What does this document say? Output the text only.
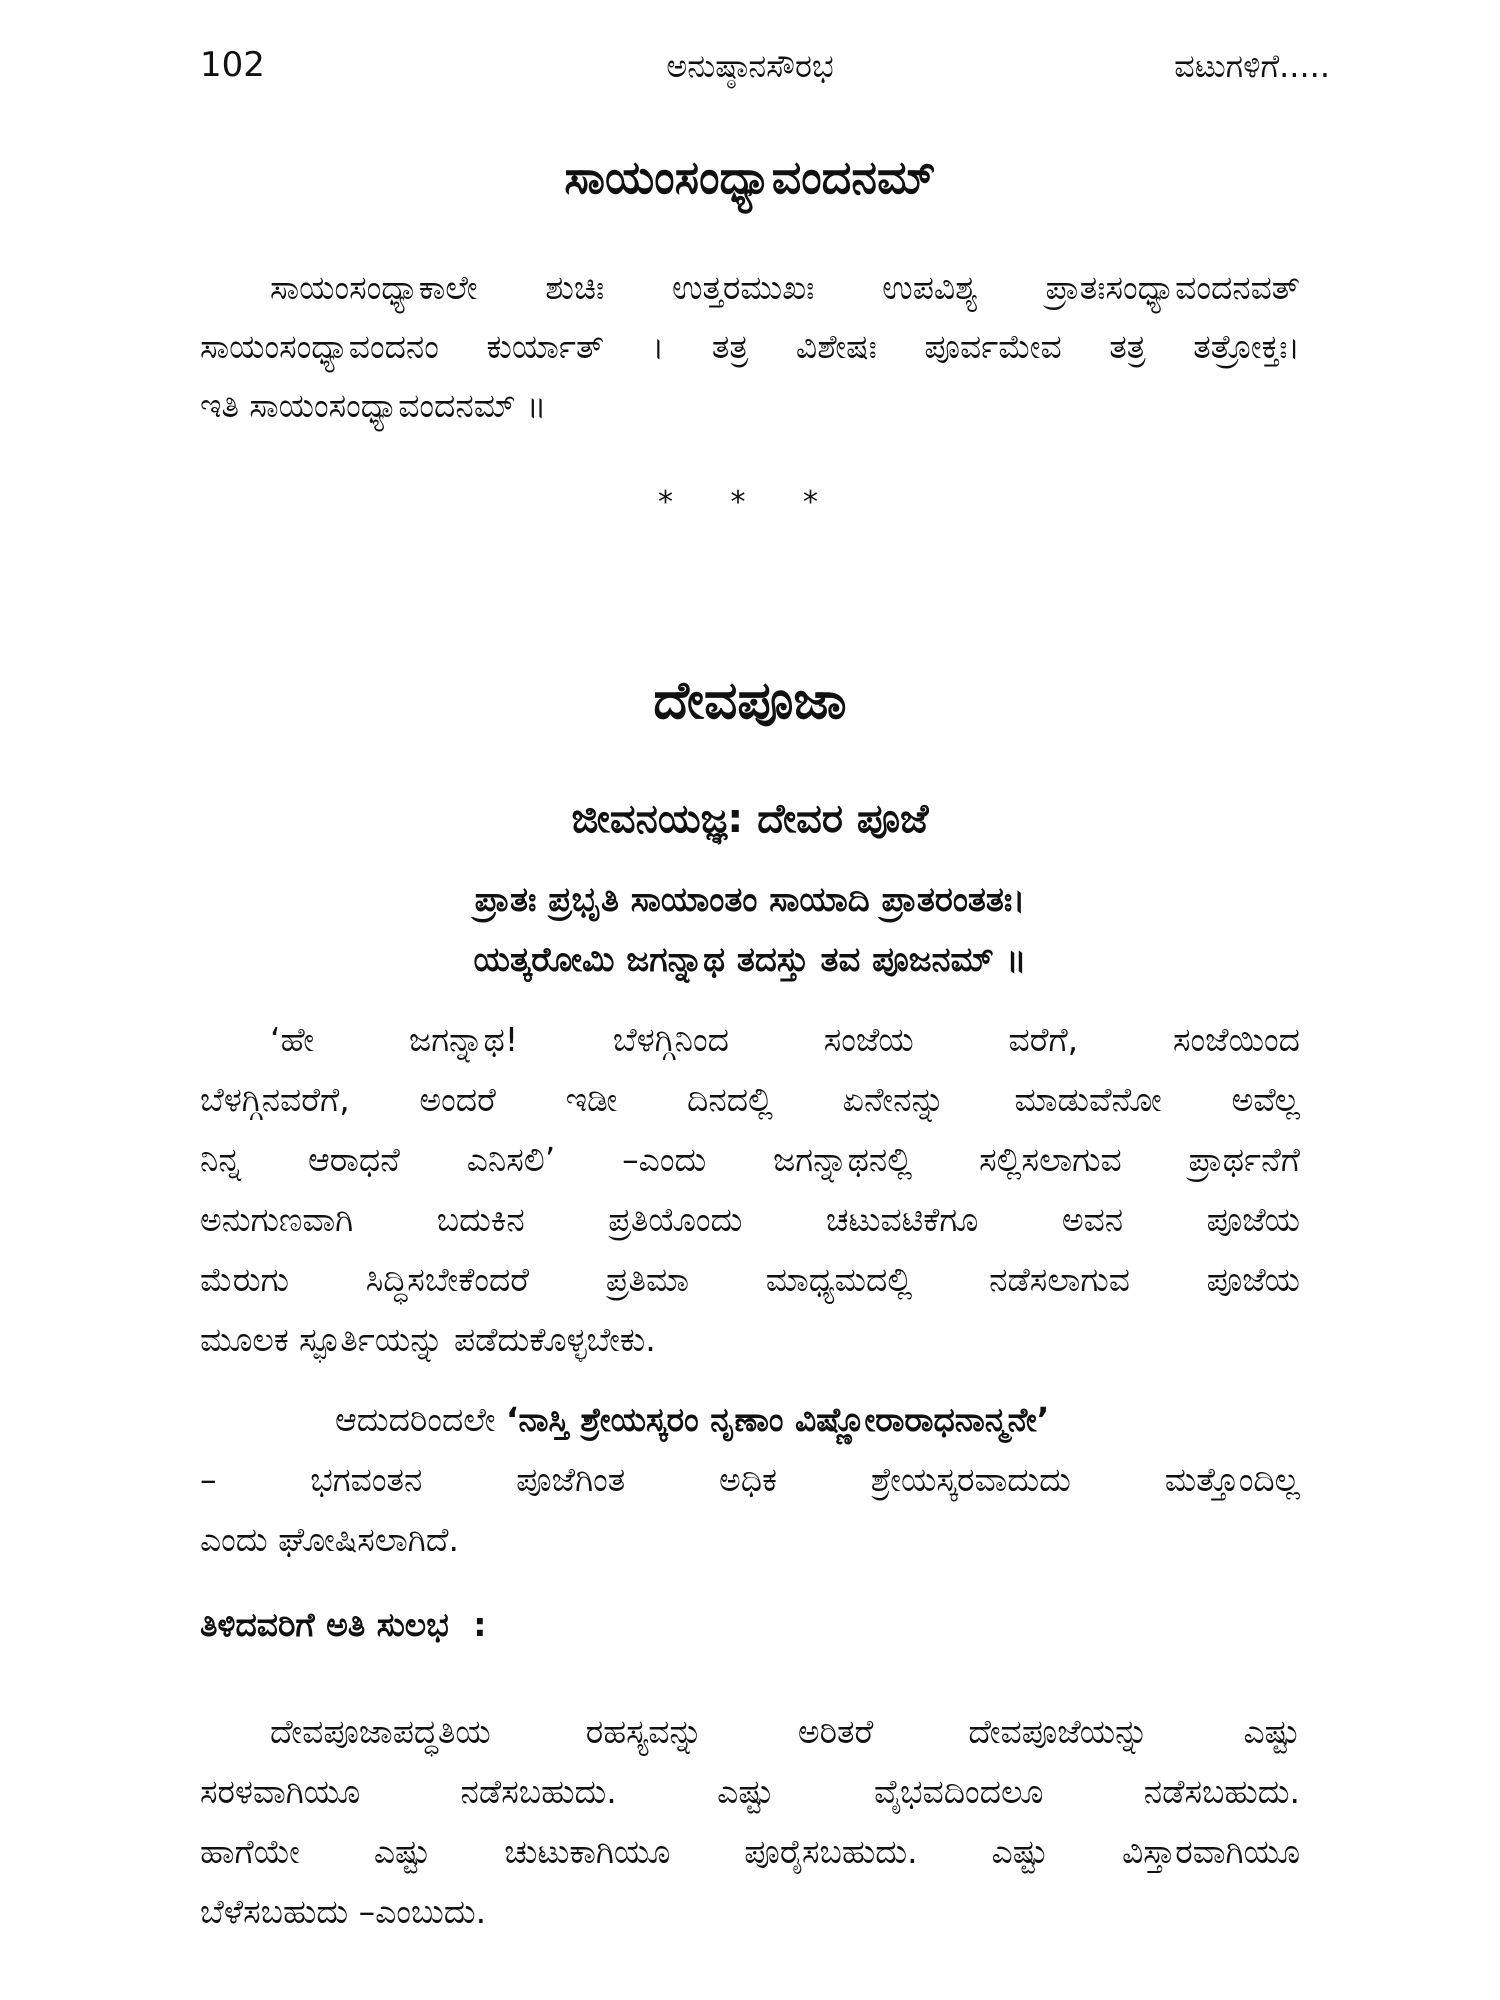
102	ಅನುಷ್ಠಾನಸೌರಭ	ವಟುಗಳಿಗೆ.....
ಸಾಯಂಸಂಧ್ಯಾವಂದನಮ್
ಸಾಯಂಸಂಧ್ಯಾಕಾಲೇ ಶುಚಿಃ ಉತ್ತರಮುಖಃ ಉಪವಿಶ್ಯ ಪ್ರಾತಃಸಂಧ್ಯಾವಂದನವತ್
ಸಾಯಂಸಂಧ್ಯಾವಂದನಂ ಕುರ್ಯಾತ್ । ತತ್ರ ವಿಶೇಷಃ ಪೂರ್ವಮೇವ ತತ್ರ ತತ್ರೋಕ್ತಃ।
ಇತಿ ಸಾಯಂಸಂಧ್ಯಾವಂದನಮ್ ॥
* * *
ದೇವಪೂಜಾ
ಜೀವನಯಜ್ಞ: ದೇವರ ಪೂಜೆ
ಪ್ರಾತಃ ಪ್ರಭೃತಿ ಸಾಯಾಂತಂ ಸಾಯಾದಿ ಪ್ರಾತರಂತತಃ।
ಯತ್ಕರೋಮಿ ಜಗನ್ನಾಥ ತದಸ್ತು ತವ ಪೂಜನಮ್ ॥
‘ಹೇ ಜಗನ್ನಾಥ! ಬೆಳಗ್ಗಿನಿಂದ ಸಂಜೆಯ ವರೆಗೆ, ಸಂಜೆಯಿಂದ
ಬೆಳಗ್ಗಿನವರೆಗೆ, ಅಂದರೆ ಇಡೀ ದಿನದಲ್ಲಿ ಏನೇನನ್ನು ಮಾಡುವೆನೋ ಅವೆಲ್ಲ
ನಿನ್ನ ಆರಾಧನೆ ಎನಿಸಲಿ’ –ಎಂದು ಜಗನ್ನಾಥನಲ್ಲಿ ಸಲ್ಲಿಸಲಾಗುವ ಪ್ರಾರ್ಥನೆಗೆ
ಅನುಗುಣವಾಗಿ ಬದುಕಿನ ಪ್ರತಿಯೊಂದು ಚಟುವಟಿಕೆಗೂ ಅವನ ಪೂಜೆಯ
ಮೆರುಗು ಸಿದ್ಧಿಸಬೇಕೆಂದರೆ ಪ್ರತಿಮಾ ಮಾಧ್ಯಮದಲ್ಲಿ ನಡೆಸಲಾಗುವ ಪೂಜೆಯ
ಮೂಲಕ ಸ್ಫೂರ್ತಿಯನ್ನು ಪಡೆದುಕೊಳ್ಳಬೇಕು.
ಆದುದರಿಂದಲೇ ‘ನಾಸ್ತಿ ಶ್ರೇಯಸ್ಕರಂ ನೃಣಾಂ ವಿಷ್ಣೋರಾರಾಧನಾನ್ಮನೇ’
– ಭಗವಂತನ ಪೂಜೆಗಿಂತ ಅಧಿಕ ಶ್ರೇಯಸ್ಕರವಾದುದು ಮತ್ತೊಂದಿಲ್ಲ
ಎಂದು ಘೋಷಿಸಲಾಗಿದೆ.
ತಿಳಿದವರಿಗೆ ಅತಿ ಸುಲಭ :
ದೇವಪೂಜಾಪದ್ಧತಿಯ ರಹಸ್ಯವನ್ನು ಅರಿತರೆ ದೇವಪೂಜೆಯನ್ನು ಎಷ್ಟು
ಸರಳವಾಗಿಯೂ ನಡೆಸಬಹುದು. ಎಷ್ಟು ವೈಭವದಿಂದಲೂ ನಡೆಸಬಹುದು.
ಹಾಗೆಯೇ ಎಷ್ಟು ಚುಟುಕಾಗಿಯೂ ಪೂರೈಸಬಹುದು. ಎಷ್ಟು ವಿಸ್ತಾರವಾಗಿಯೂ
ಬೆಳೆಸಬಹುದು –ಎಂಬುದು.
